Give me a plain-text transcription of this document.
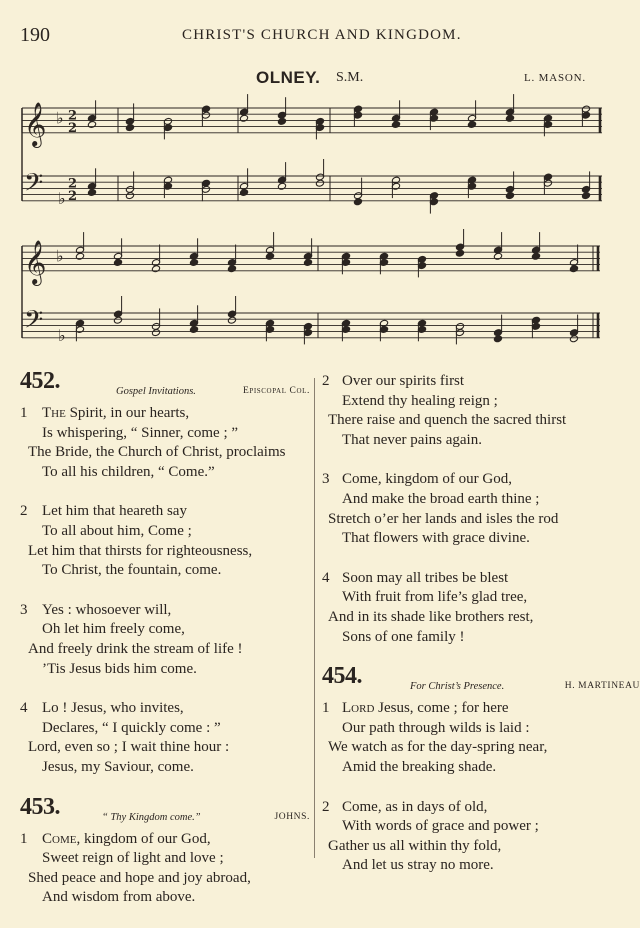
190	CHRIST'S CHURCH AND KINGDOM.
OLNEY. S.M.	L. MASON.
𝄞 ♭ 2
2
𝄢 ♭
2
2
𝄞 ♭
𝄢 ♭
452.	Gospel Invitations.	Episcopal Col.
1 The Spirit, in our hearts,
Is whispering, “ Sinner, come ; ”
The Bride, the Church of Christ, proclaims
To all his children, “ Come.”
2 Let him that heareth say
To all about him, Come ;
Let him that thirsts for righteousness,
To Christ, the fountain, come.
3 Yes : whosoever will,
Oh let him freely come,
And freely drink the stream of life !
’Tis Jesus bids him come.
4 Lo ! Jesus, who invites,
Declares, “ I quickly come : ”
Lord, even so ; I wait thine hour :
Jesus, my Saviour, come.
453.	“ Thy Kingdom come.”	JOHNS.
1 Come, kingdom of our God,
Sweet reign of light and love ;
Shed peace and hope and joy abroad,
And wisdom from above.
2 Over our spirits first
Extend thy healing reign ;
There raise and quench the sacred thirst
That never pains again.
3 Come, kingdom of our God,
And make the broad earth thine ;
Stretch o’er her lands and isles the rod
That flowers with grace divine.
4 Soon may all tribes be blest
With fruit from life’s glad tree,
And in its shade like brothers rest,
Sons of one family !
454.	For Christ’s Presence.	H. MARTINEAU
1 Lord Jesus, come ; for here
Our path through wilds is laid :
We watch as for the day-spring near,
Amid the breaking shade.
2 Come, as in days of old,
With words of grace and power ;
Gather us all within thy fold,
And let us stray no more.
